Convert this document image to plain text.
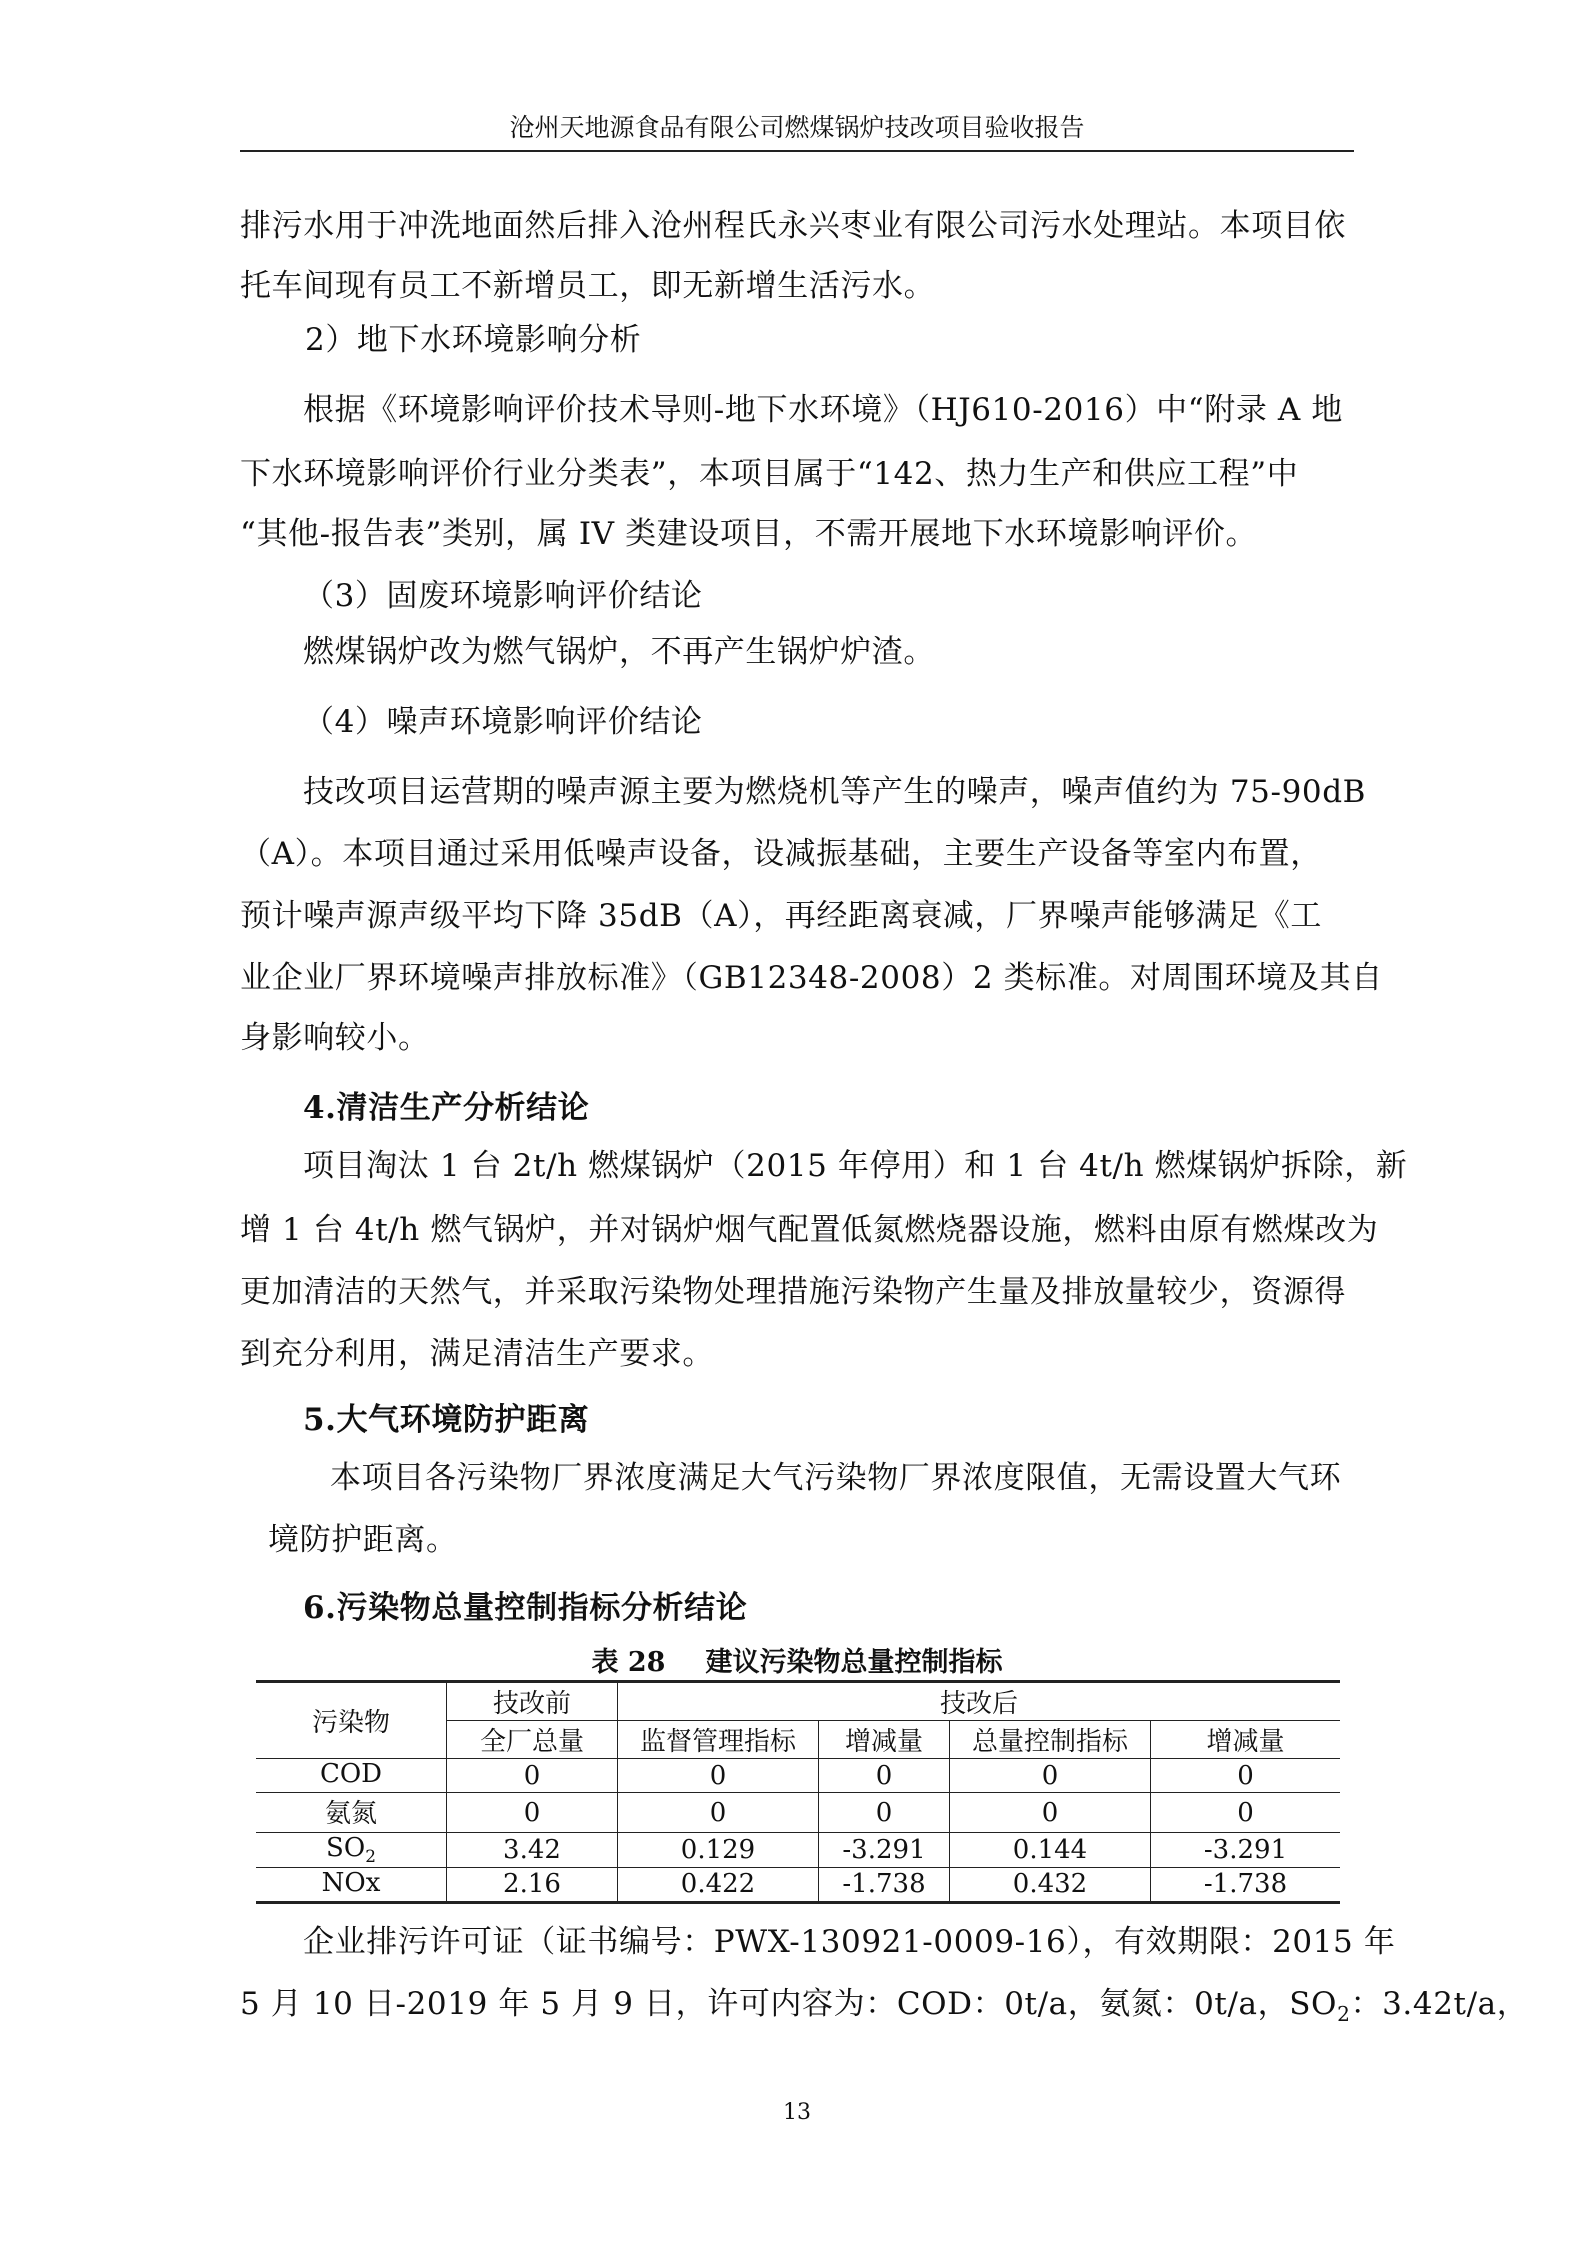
沧州天地源食品有限公司燃煤锅炉技改项目验收报告
排污水用于冲洗地面然后排入沧州程氏永兴枣业有限公司污水处理站。本项目依
托车间现有员工不新增员工，即无新增生活污水。
2）地下水环境影响分析
根据《环境影响评价技术导则-地下水环境》（HJ610-2016）中“附录 A 地
下水环境影响评价行业分类表”，本项目属于“142、热力生产和供应工程”中
“其他-报告表”类别，属 IV 类建设项目，不需开展地下水环境影响评价。
（3）固废环境影响评价结论
燃煤锅炉改为燃气锅炉，不再产生锅炉炉渣。
（4）噪声环境影响评价结论
技改项目运营期的噪声源主要为燃烧机等产生的噪声，噪声值约为 75-90dB
（A）。本项目通过采用低噪声设备，设减振基础，主要生产设备等室内布置，
预计噪声源声级平均下降 35dB（A），再经距离衰减，厂界噪声能够满足《工
业企业厂界环境噪声排放标准》（GB12348-2008）2 类标准。对周围环境及其自
身影响较小。
4.清洁生产分析结论
项目淘汰 1 台 2t/h 燃煤锅炉（2015 年停用）和 1 台 4t/h 燃煤锅炉拆除，新
增 1 台 4t/h 燃气锅炉，并对锅炉烟气配置低氮燃烧器设施，燃料由原有燃煤改为
更加清洁的天然气，并采取污染物处理措施污染物产生量及排放量较少，资源得
到充分利用，满足清洁生产要求。
5.大气环境防护距离
本项目各污染物厂界浓度满足大气污染物厂界浓度限值，无需设置大气环
境防护距离。
6.污染物总量控制指标分析结论
表 28 建议污染物总量控制指标
污染物	技改前	技改后			
	全厂总量	监督管理指标	增减量	总量控制指标	增减量
COD	0	0	0	0	0
氨氮	0	0	0	0	0
$SO_2$	3.42	0.129	-3.291	0.144	-3.291
NOx	2.16	0.422	-1.738	0.432	-1.738
企业排污许可证（证书编号：PWX-130921-0009-16），有效期限：2015 年
5 月 10 日-2019 年 5 月 9 日，许可内容为：COD：0t/a，氨氮：0t/a，$SO_2$：3.42t/a，
13
